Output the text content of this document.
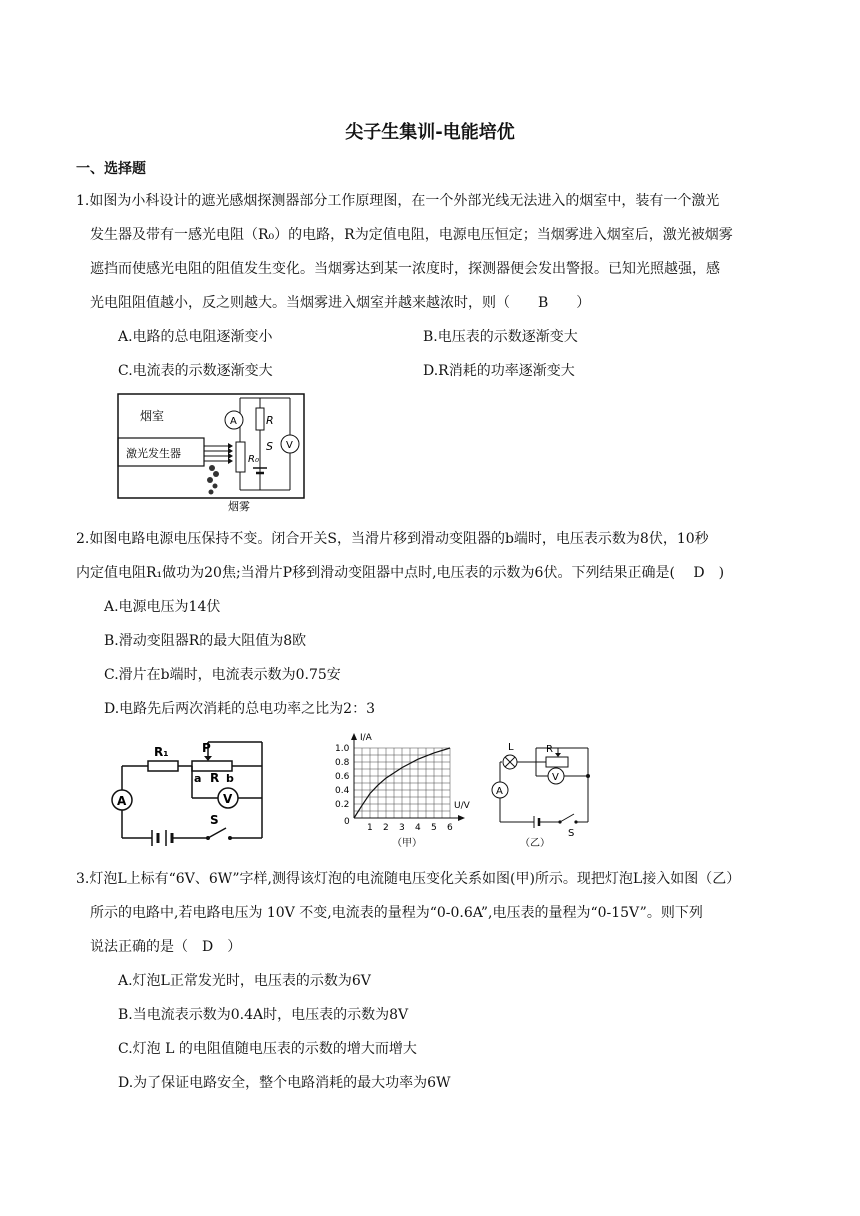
尖子生集训-电能培优
一、选择题
1.如图为小科设计的遮光感烟探测器部分工作原理图，在一个外部光线无法进入的烟室中，装有一个激光
发生器及带有一感光电阻（R₀）的电路，R为定值电阻，电源电压恒定；当烟雾进入烟室后，激光被烟雾
遮挡而使感光电阻的阻值发生变化。当烟雾达到某一浓度时，探测器便会发出警报。已知光照越强，感
光电阻阻值越小，反之则越大。当烟雾进入烟室并越来越浓时，则（　　B　　）
A.电路的总电阻逐渐变小	B.电压表的示数逐渐变大
C.电流表的示数逐渐变大	D.R消耗的功率逐渐变大
烟室
激光发生器
烟雾
A
R₀
R
S V
2.如图电路电源电压保持不变。闭合开关S，当滑片移到滑动变阻器的b端时，电压表示数为8伏，10秒
内定值电阻R₁做功为20焦;当滑片P移到滑动变阻器中点时,电压表的示数为6伏。下列结果正确是(　 D　)
A.电源电压为14伏
B.滑动变阻器R的最大阻值为8欧
C.滑片在b端时，电流表示数为0.75安
D.电路先后两次消耗的总电功率之比为2：3
R₁	P
a R b
V
A
S
1 2 3 4 5 6
0.2
0.4
0.6
0.8
1.0
I/A
U/V
0
（甲）
L	R
V
A
S
（乙）
3.灯泡L上标有“6V、6W”字样,测得该灯泡的电流随电压变化关系如图(甲)所示。现把灯泡L接入如图（乙）
所示的电路中,若电路电压为 10V 不变,电流表的量程为“0-0.6A”,电压表的量程为“0-15V”。则下列
说法正确的是（　D　）
A.灯泡L正常发光时，电压表的示数为6V
B.当电流表示数为0.4A时，电压表的示数为8V
C.灯泡 L 的电阻值随电压表的示数的增大而增大
D.为了保证电路安全，整个电路消耗的最大功率为6W
